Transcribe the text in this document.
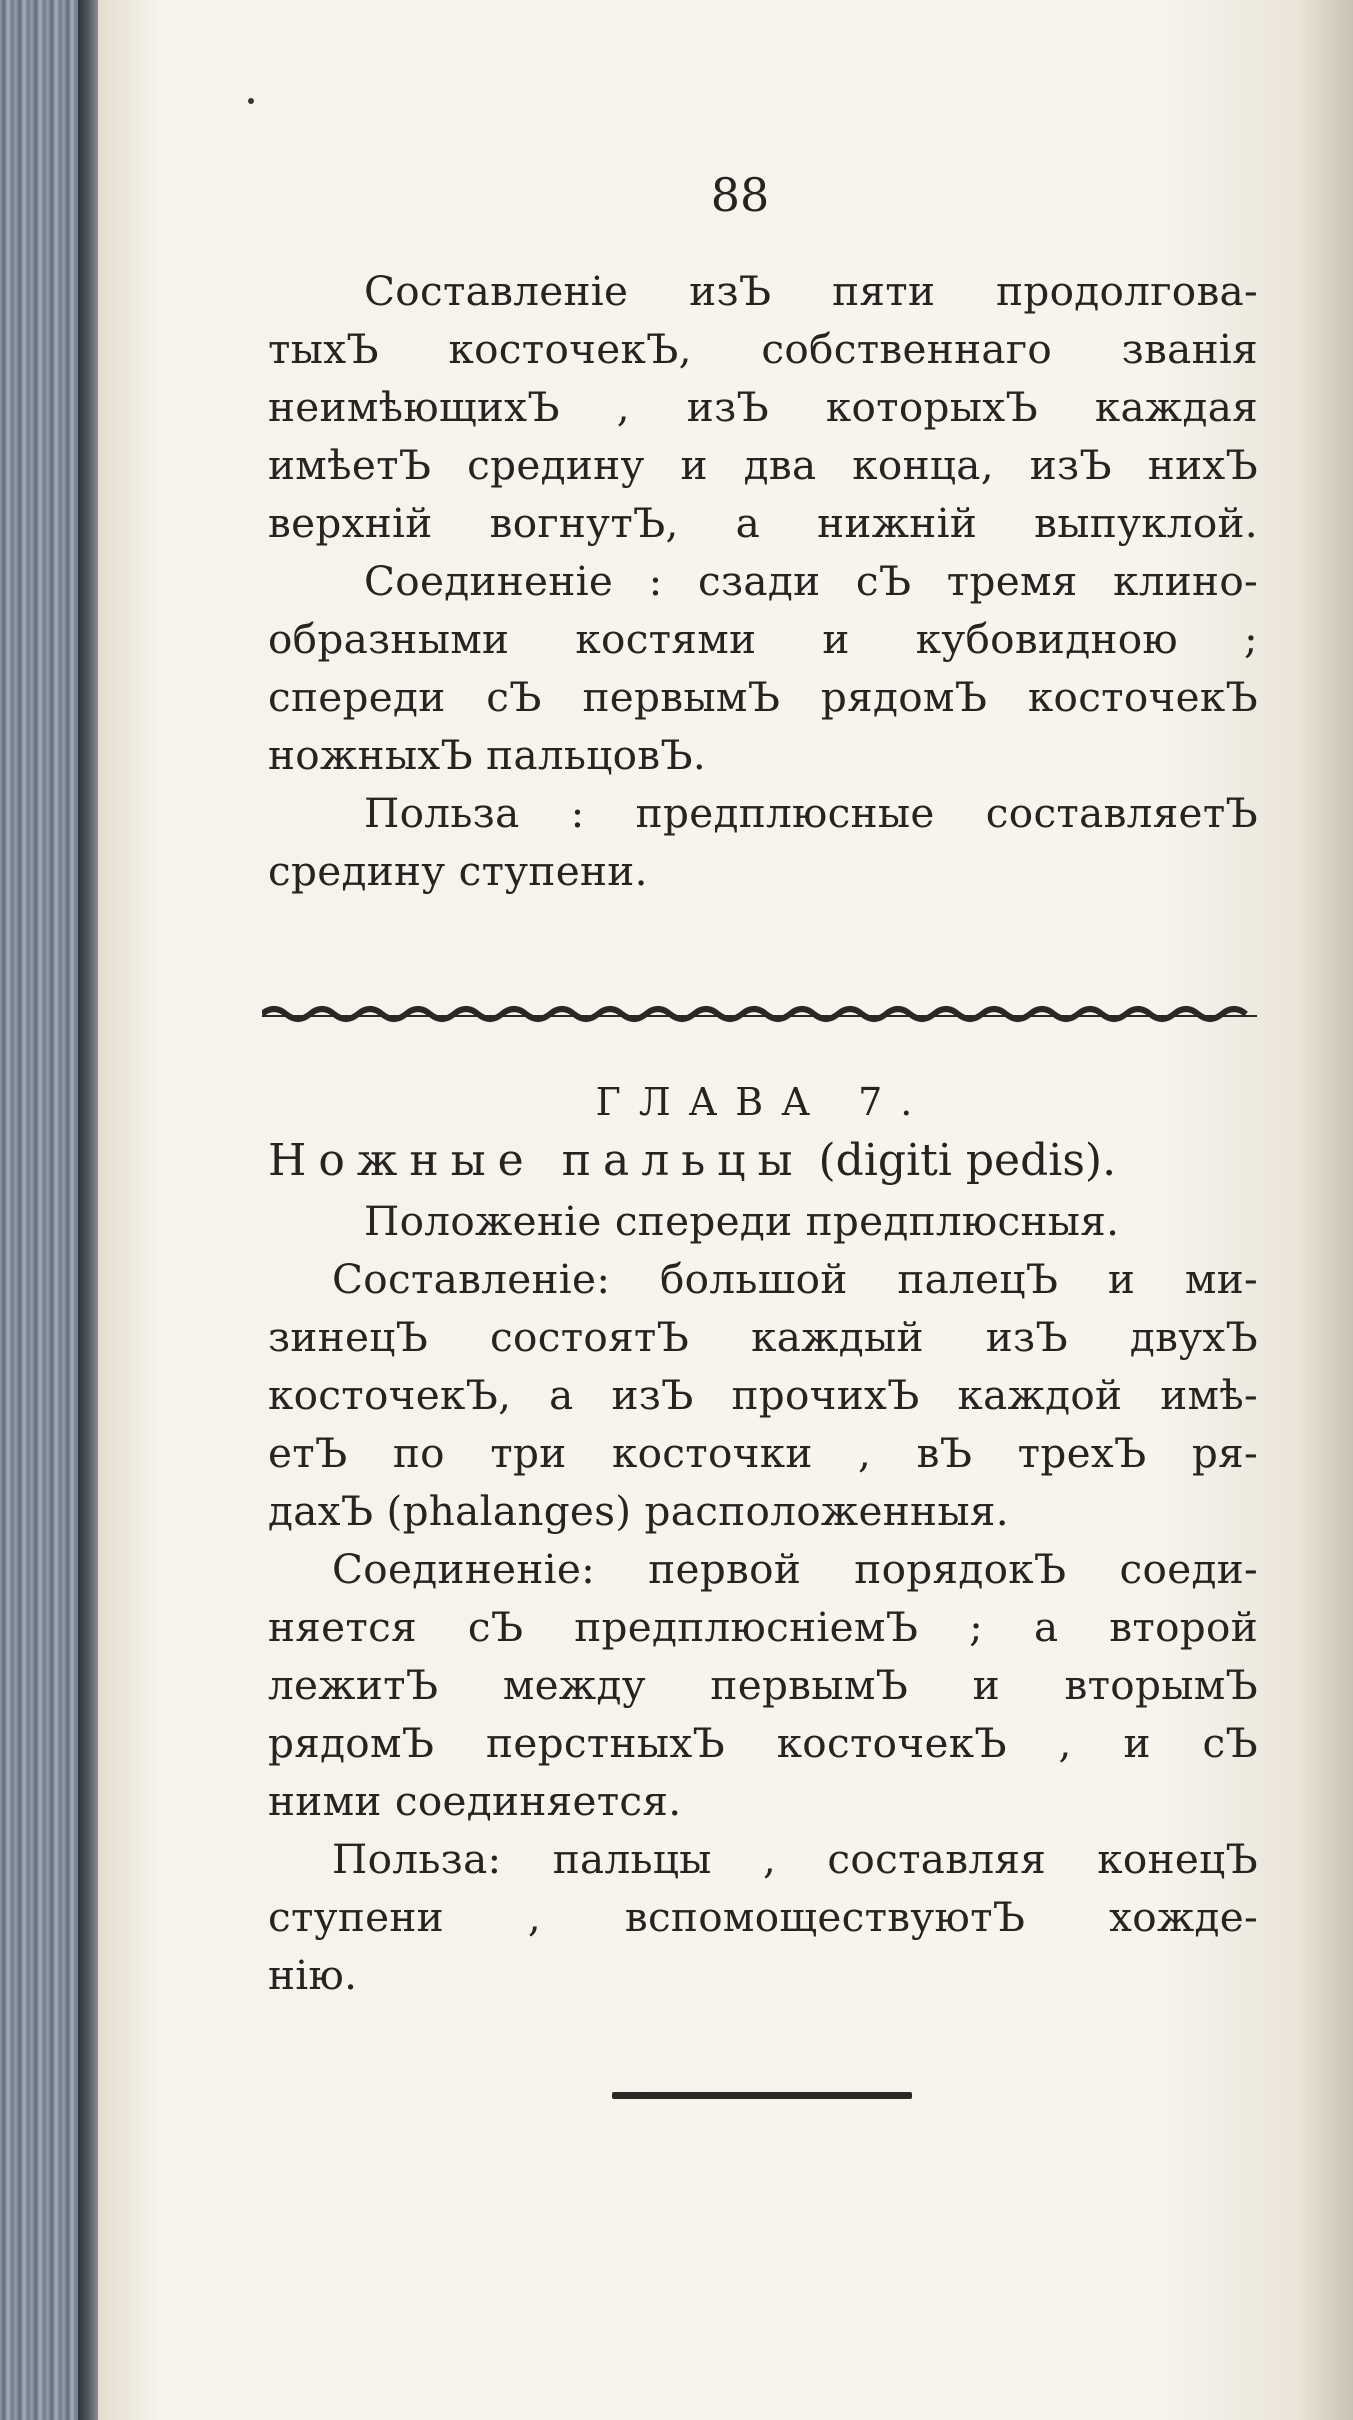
88
Составленіе изЪ пяти продолговa-
тыхЪ косточекЪ, собственнаго званія
неимѣющихЪ , изЪ которыхЪ каждая
имѣетЪ средину и два конца, изЪ нихЪ
верхній вогнутЪ, а нижній выпуклой.
Соединеніе : сзади сЪ тремя клино-
образными костями и кубовидною ;
спереди сЪ первымЪ рядомЪ косточекЪ
ножныхЪ пальцовЪ.
Польза : предплюсные составляетЪ
средину ступени.
ГЛАВА 7.
Ножные пальцы (digiti pedis).
Положеніе спереди предплюсныя.
Составленіе: большой палецЪ и ми-
зинецЪ состоятЪ каждый изЪ двухЪ
косточекЪ, а изЪ прочихЪ каждой имѣ-
етЪ по три косточки , вЪ трехЪ ря-
дахЪ (phalanges) расположенныя.
Соединеніе: первой порядокЪ соеди-
няется сЪ предплюсніемЪ ; а второй
лежитЪ между первымЪ и вторымЪ
рядомЪ перстныхЪ косточекЪ , и сЪ
ними соединяется.
Польза: пальцы , составляя конецЪ
ступени , вспомоществуютЪ хожде-
нію.
